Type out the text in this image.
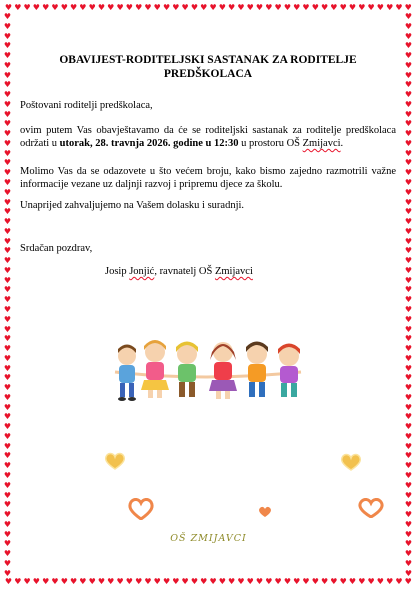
♥ ♥ ♥ ♥ ♥ ♥ ♥ ♥ ♥ ♥ ♥ ♥ ♥ ♥ ♥ ♥ ♥ ♥ ♥ ♥ ♥ ♥ ♥ ♥ ♥ ♥ ♥ ♥ ♥ ♥ ♥ ♥ ♥ ♥ ♥ ♥ ♥ ♥ ♥ ♥ ♥ ♥ ♥ ♥
♥ ♥ ♥ ♥ ♥ ♥ ♥ ♥ ♥ ♥ ♥ ♥ ♥ ♥ ♥ ♥ ♥ ♥ ♥ ♥ ♥ ♥ ♥ ♥ ♥ ♥ ♥ ♥ ♥ ♥ ♥ ♥ ♥ ♥ ♥ ♥ ♥ ♥ ♥ ♥ ♥ ♥ ♥ ♥
♥
♥
♥
♥
♥
♥
♥
♥
♥
♥
♥
♥
♥
♥
♥
♥
♥
♥
♥
♥
♥
♥
♥
♥
♥
♥
♥
♥
♥
♥
♥
♥
♥
♥
♥
♥
♥
♥
♥
♥
♥
♥
♥
♥
♥
♥
♥
♥
♥
♥
♥
♥
♥
♥
♥
♥
♥
♥
♥
♥
♥
♥
♥
♥
♥
♥
♥
♥
♥
♥
♥
♥
♥
♥
♥
♥
♥
♥
♥
♥
♥
♥
♥
♥
♥
♥
♥
♥
♥
♥
♥
♥
♥
♥
♥
♥
♥
♥
♥
♥
♥
♥
♥
♥
♥
♥
♥
♥
♥
♥
♥
♥
♥
♥
♥
♥
OBAVIJEST-RODITELJSKI SASTANAK ZA RODITELJE PREDŠKOLACA
Poštovani roditelji predškolaca,
ovim putem Vas obavještavamo da će se roditeljski sastanak za roditelje predškolaca održati u utorak, 28. travnja 2026. godine u 12:30 u prostoru OŠ Zmijavci.
Molimo Vas da se odazovete u što većem broju, kako bismo zajedno razmotrili važne informacije vezane uz daljnji razvoj i pripremu djece za školu.
Unaprijed zahvaljujemo na Vašem dolasku i suradnji.
Srdačan pozdrav,
Josip Jonjić, ravnatelj OŠ Zmijavci
OŠ ZMIJAVCI
